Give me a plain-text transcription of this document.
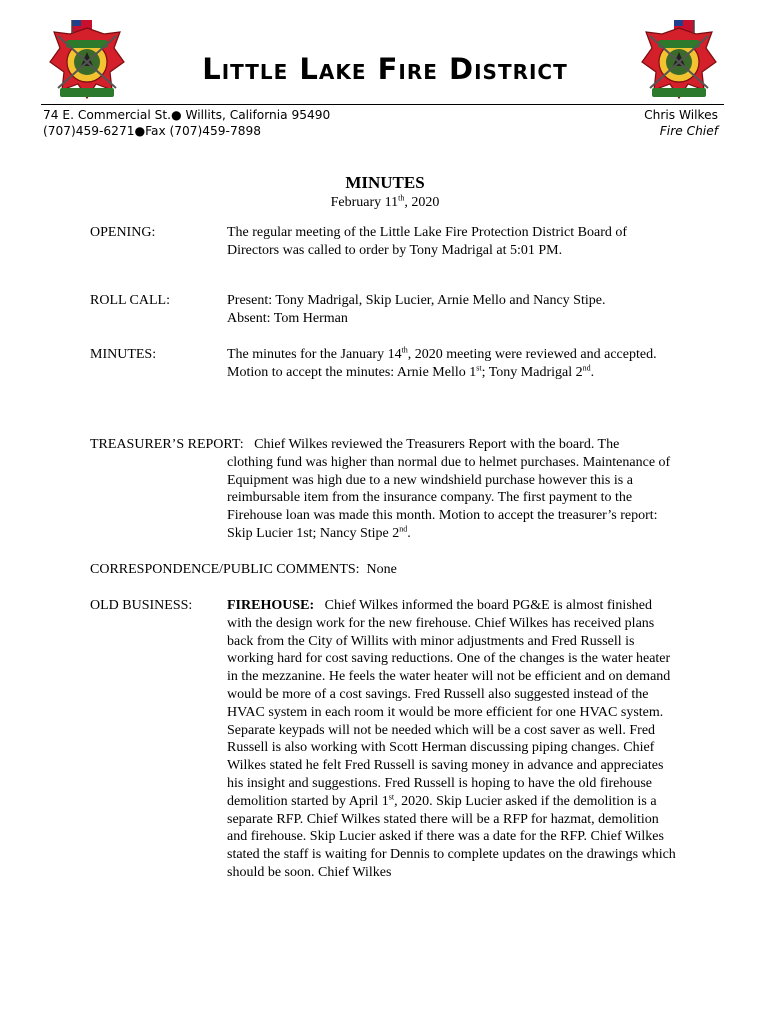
Little Lake Fire District
74 E. Commercial St.● Willits, California 95490
(707)459-6271●Fax (707)459-7898
Chris Wilkes
Fire Chief
MINUTES
February 11th, 2020
OPENING:	The regular meeting of the Little Lake Fire Protection District Board of Directors was called to order by Tony Madrigal at 5:01 PM.
ROLL CALL:	Present: Tony Madrigal, Skip Lucier, Arnie Mello and Nancy Stipe.
Absent: Tom Herman
MINUTES:	The minutes for the January 14th, 2020 meeting were reviewed and accepted. Motion to accept the minutes: Arnie Mello 1st; Tony Madrigal 2nd.
TREASURER’S REPORT: Chief Wilkes reviewed the Treasurers Report with the board. The
clothing fund was higher than normal due to helmet purchases. Maintenance of Equipment was high due to a new windshield purchase however this is a reimbursable item from the insurance company. The first payment to the Firehouse loan was made this month. Motion to accept the treasurer’s report: Skip Lucier 1st; Nancy Stipe 2nd.
CORRESPONDENCE/PUBLIC COMMENTS: None
OLD BUSINESS: FIREHOUSE: Chief Wilkes informed the board PG&E is almost finished with the design work for the new firehouse. Chief Wilkes has received plans back from the City of Willits with minor adjustments and Fred Russell is working hard for cost saving reductions. One of the changes is the water heater in the mezzanine. He feels the water heater will not be efficient and on demand would be more of a cost savings. Fred Russell also suggested instead of the HVAC system in each room it would be more efficient for one HVAC system. Separate keypads will not be needed which will be a cost saver as well. Fred Russell is also working with Scott Herman discussing piping changes. Chief Wilkes stated he felt Fred Russell is saving money in advance and appreciates his insight and suggestions. Fred Russell is hoping to have the old firehouse demolition started by April 1st, 2020. Skip Lucier asked if the demolition is a separate RFP. Chief Wilkes stated there will be a RFP for hazmat, demolition and firehouse. Skip Lucier asked if there was a date for the RFP. Chief Wilkes stated the staff is waiting for Dennis to complete updates on the drawings which should be soon. Chief Wilkes
